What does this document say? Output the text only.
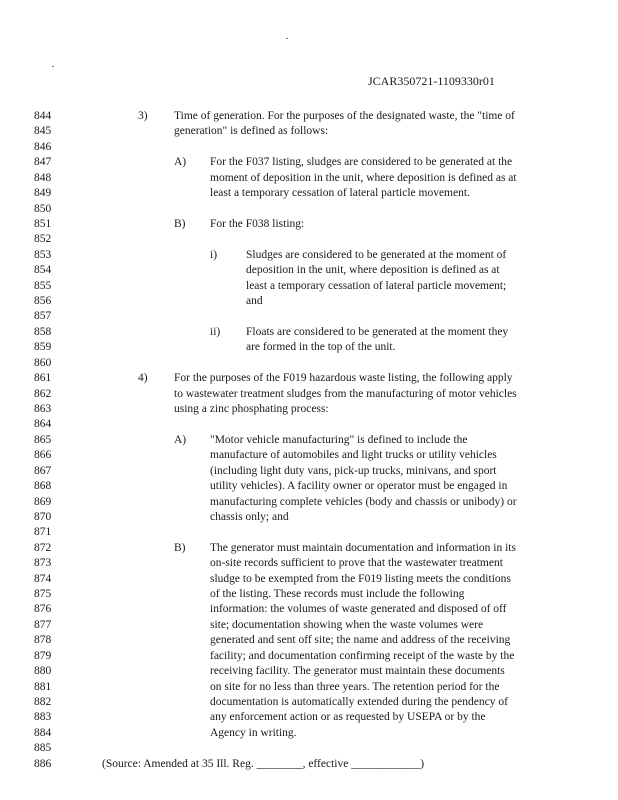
JCAR350721-1109330r01
844	3) Time of generation. For the purposes of the designated waste, the "time of
845	generation" is defined as follows:
846
847	A) For the F037 listing, sludges are considered to be generated at the
848	moment of deposition in the unit, where deposition is defined as at
849	least a temporary cessation of lateral particle movement.
850
851	B) For the F038 listing:
852
853	i)	Sludges are considered to be generated at the moment of
854	deposition in the unit, where deposition is defined as at
855	least a temporary cessation of lateral particle movement;
856	and
857
858	ii) Floats are considered to be generated at the moment they
859	are formed in the top of the unit.
860
861	4) For the purposes of the F019 hazardous waste listing, the following apply
862	to wastewater treatment sludges from the manufacturing of motor vehicles
863	using a zinc phosphating process:
864
865	A) "Motor vehicle manufacturing" is defined to include the
866	manufacture of automobiles and light trucks or utility vehicles
867	(including light duty vans, pick-up trucks, minivans, and sport
868	utility vehicles). A facility owner or operator must be engaged in
869	manufacturing complete vehicles (body and chassis or unibody) or
870	chassis only; and
871
872	B) The generator must maintain documentation and information in its
873	on-site records sufficient to prove that the wastewater treatment
874	sludge to be exempted from the F019 listing meets the conditions
875	of the listing. These records must include the following
876	information: the volumes of waste generated and disposed of off
877	site; documentation showing when the waste volumes were
878	generated and sent off site; the name and address of the receiving
879	facility; and documentation confirming receipt of the waste by the
880	receiving facility. The generator must maintain these documents
881	on site for no less than three years. The retention period for the
882	documentation is automatically extended during the pendency of
883	any enforcement action or as requested by USEPA or by the
884	Agency in writing.
885
886	(Source: Amended at 35 Ill. Reg. ________, effective ____________)
